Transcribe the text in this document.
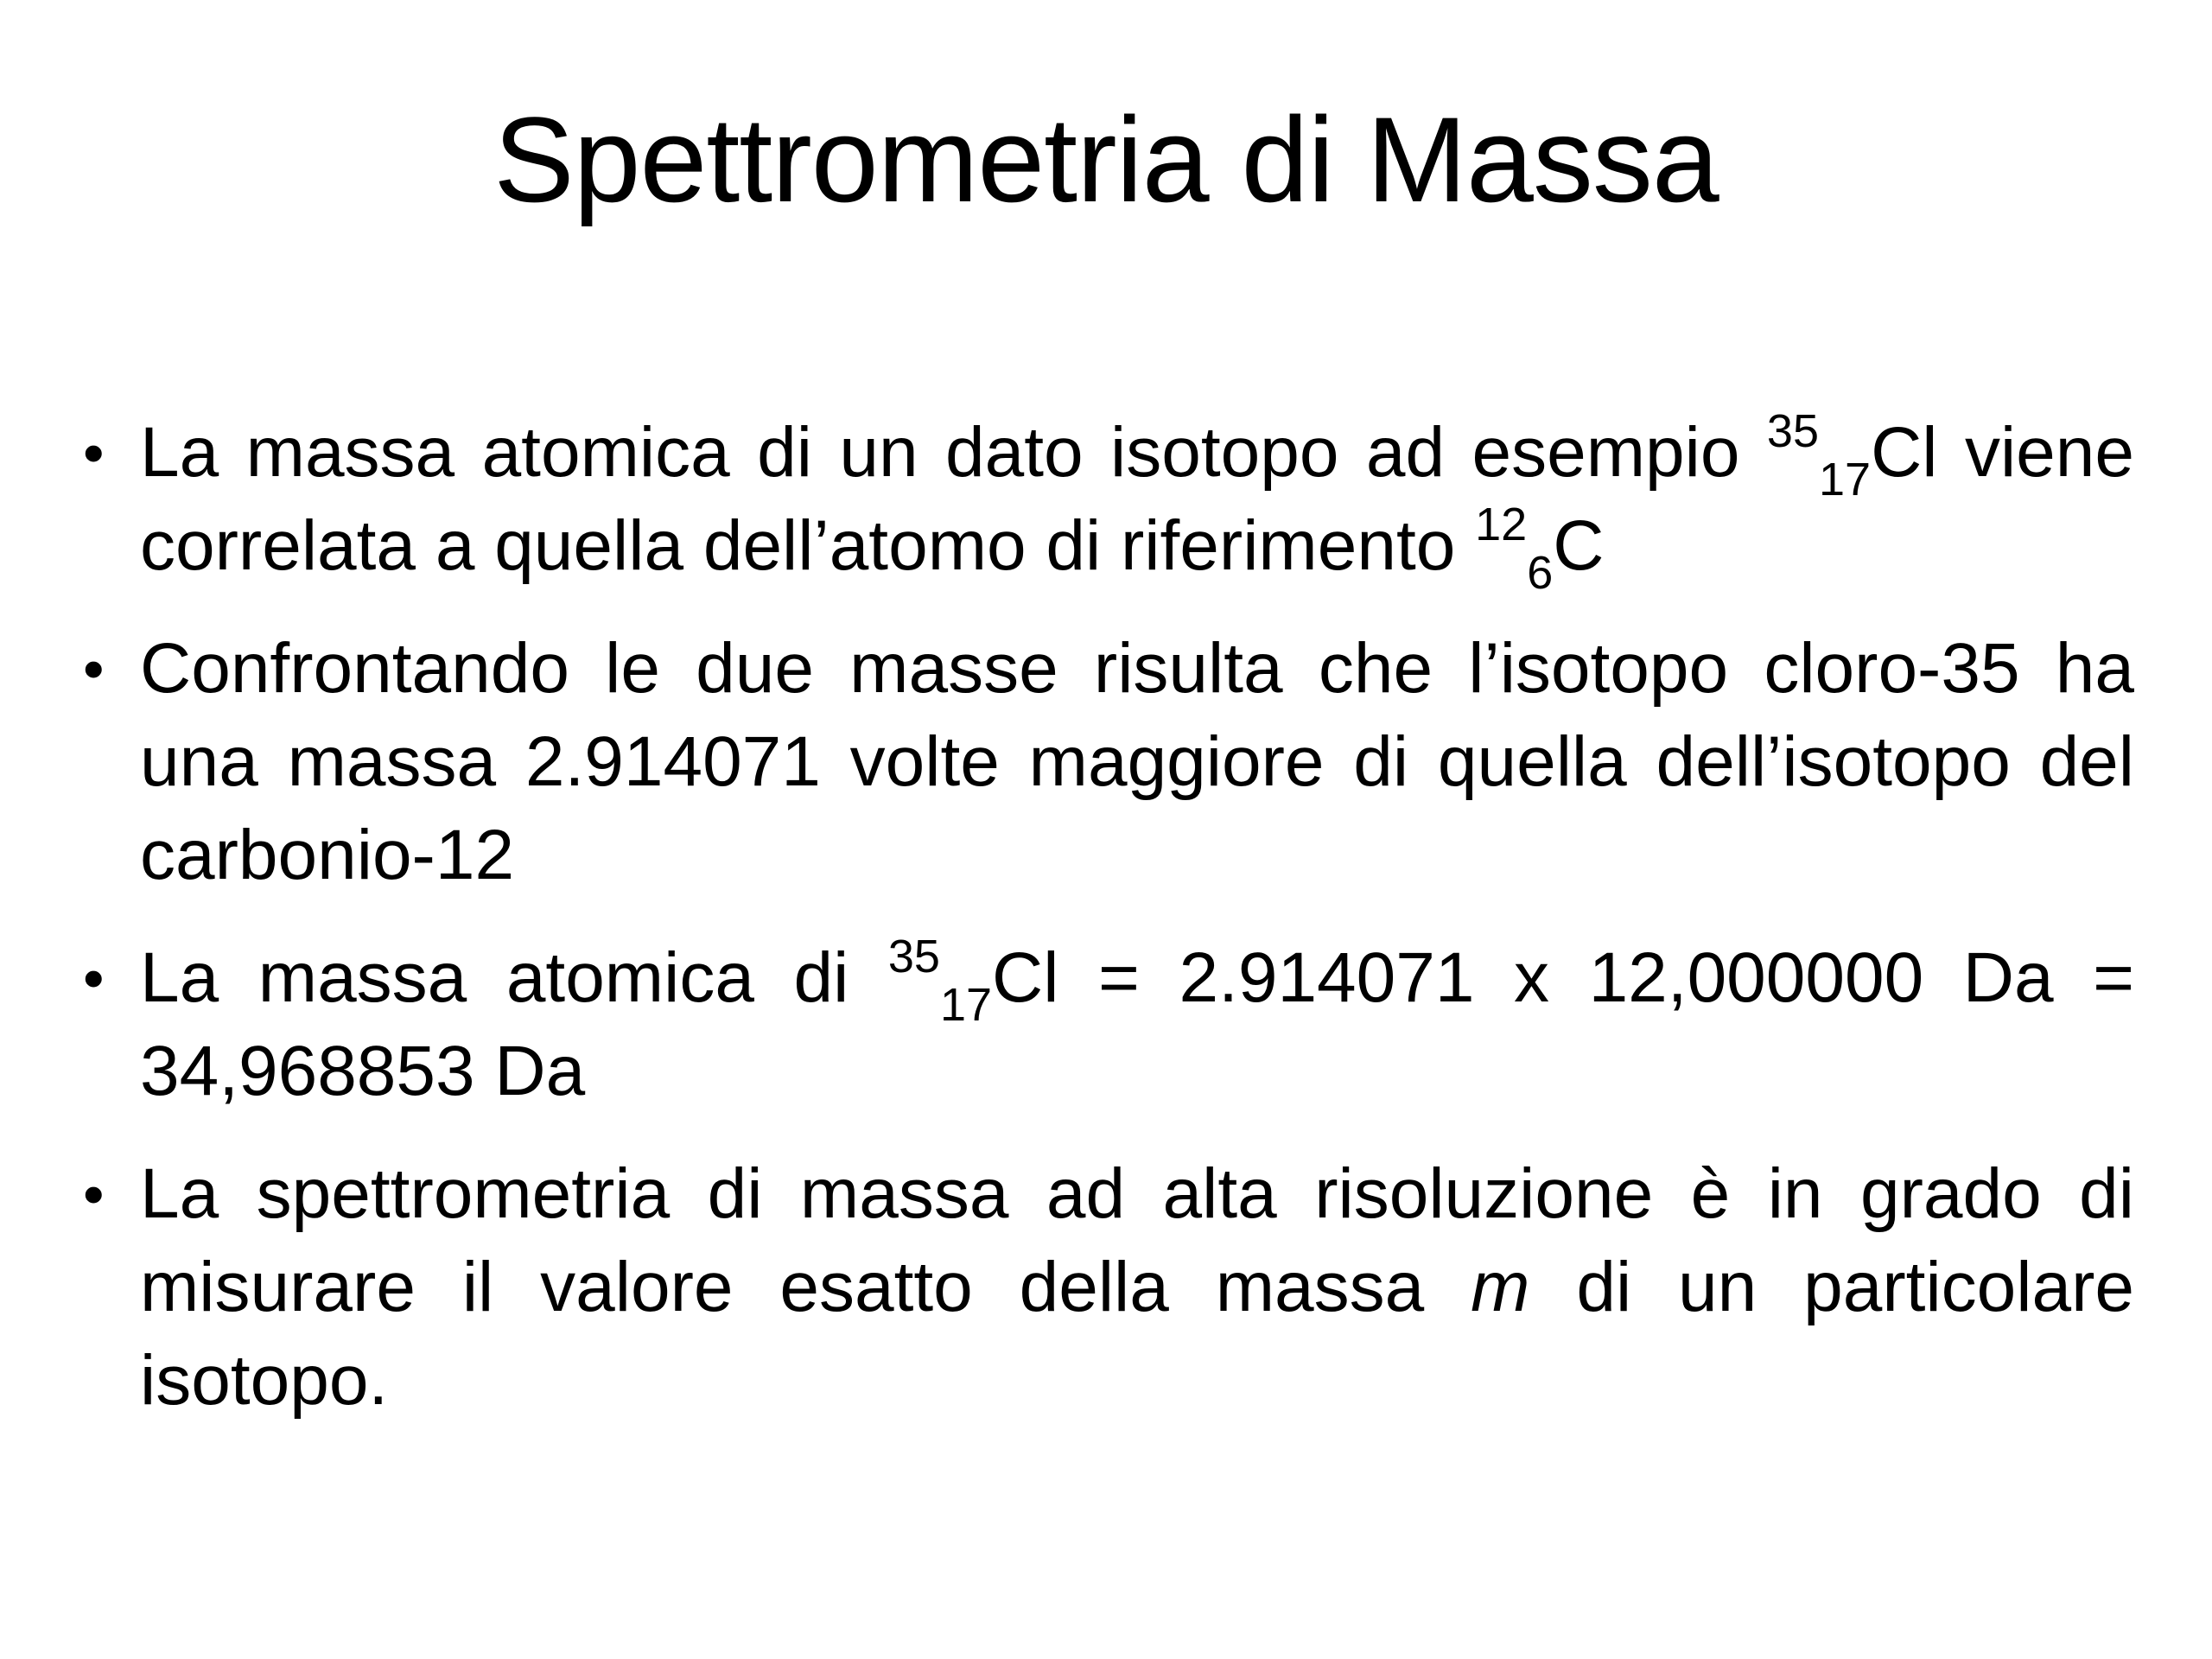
Spettrometria di Massa
• La massa atomica di un dato isotopo ad esempio $^{35}_{17}$Cl viene correlata a quella dell’atomo di riferimento $^{12}_6$C
• Confrontando le due masse risulta che l’isotopo cloro-35 ha una massa 2.914071 volte maggiore di quella dell’isotopo del carbonio-12
• La massa atomica di $^{35}_{17}$Cl = 2.914071 x 12,000000 Da = 34,968853 Da
• La spettrometria di massa ad alta risoluzione è in grado di misurare il valore esatto della massa m di un particolare isotopo.
